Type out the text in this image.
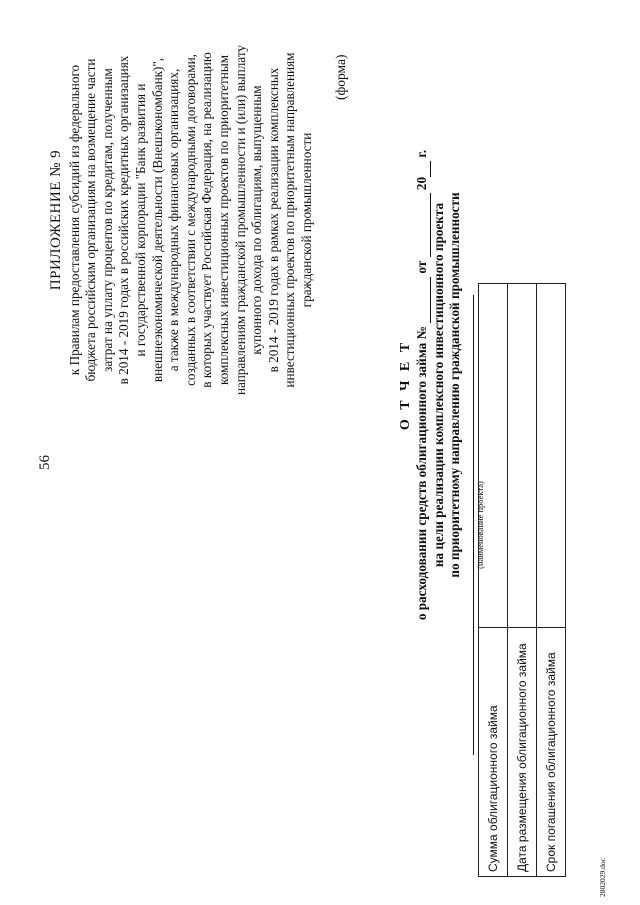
56
ПРИЛОЖЕНИЕ № 9 к Правилам предоставления субсидий из федерального бюджета российским организациям на возмещение части затрат на уплату процентов по кредитам, полученным в 2014 - 2019 годах в российских кредитных организациях и государственной корпорации "Банк развития и внешнеэкономической деятельности (Внешэкономбанк)", а также в международных финансовых организациях, созданных в соответствии с международными договорами, в которых участвует Российская Федерация, на реализацию комплексных инвестиционных проектов по приоритетным направлениям гражданской промышленности и (или) выплату купонного дохода по облигациям, выпущенным в 2014 - 2019 годах в рамках реализации комплексных инвестиционных проектов по приоритетным направлениям гражданской промышленности
(форма)
О Т Ч Е Т о расходовании средств облигационного займа №   от   20  г.
на цели реализации комплексного инвестиционного проекта по приоритетному направлению гражданской промышленности (наименование проекта)
Сумма облигационного займа	
Дата размещения облигационного займа	
Срок погашения облигационного займа	
2802029.doc
